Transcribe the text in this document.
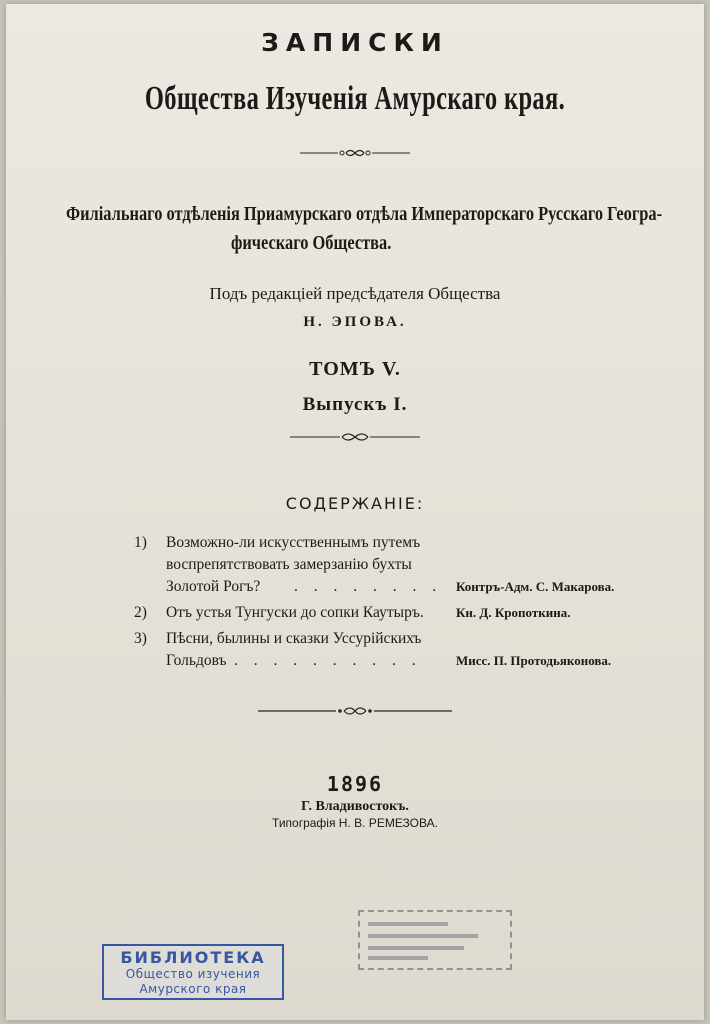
ЗАПИСКИ
Общества Изученія Амурскаго края.
Филіальнаго отдѣленія Приамурскаго отдѣла Императорскаго Русскаго Геогра-
фическаго Общества.
Подъ редакціей предсѣдателя Общества
Н. ЭПОВА.
ТОМЪ V.
Выпускъ I.
СОДЕРЖАНІЕ:
1) Возможно-ли искусственнымъ путемъ
воспрепятствовать замерзанію бухты
Золотой Рогъ? . . . . . . . . Контръ-Адм. С. Макарова.
2) Отъ устья Тунгуски до сопки Каутыръ. Кн. Д. Кропоткина.
3) Пѣсни, былины и сказки Уссурійскихъ
Гольдовъ . . . . . . . . . .	Мисс. П. Протодьяконова.
1896
Г. Владивостокъ.
Типографія Н. В. РЕМЕЗОВА.
БИБЛИОТЕКА
Общество изучения
Амурского края
